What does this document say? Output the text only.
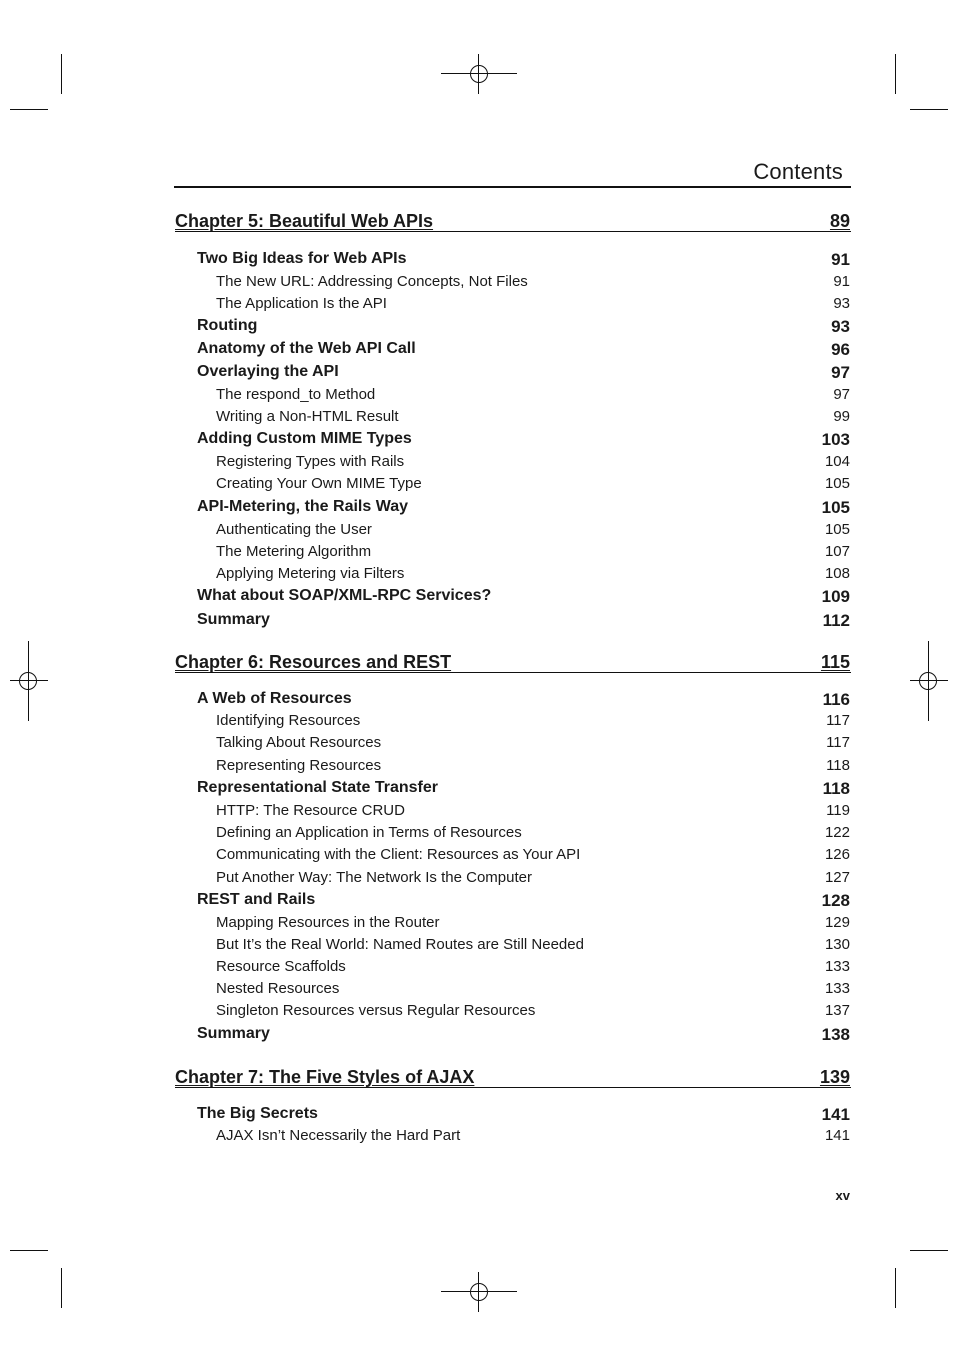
Contents
Chapter 5: Beautiful Web APIs	89
Two Big Ideas for Web APIs	91
The New URL: Addressing Concepts, Not Files	91
The Application Is the API	93
Routing	93
Anatomy of the Web API Call	96
Overlaying the API	97
The respond_to Method	97
Writing a Non-HTML Result	99
Adding Custom MIME Types	103
Registering Types with Rails	104
Creating Your Own MIME Type	105
API-Metering, the Rails Way	105
Authenticating the User	105
The Metering Algorithm	107
Applying Metering via Filters	108
What about SOAP/XML-RPC Services?	109
Summary	112
Chapter 6: Resources and REST	115
A Web of Resources	116
Identifying Resources	117
Talking About Resources	117
Representing Resources	118
Representational State Transfer	118
HTTP: The Resource CRUD	119
Defining an Application in Terms of Resources	122
Communicating with the Client: Resources as Your API	126
Put Another Way: The Network Is the Computer	127
REST and Rails	128
Mapping Resources in the Router	129
But It’s the Real World: Named Routes are Still Needed	130
Resource Scaffolds	133
Nested Resources	133
Singleton Resources versus Regular Resources	137
Summary	138
Chapter 7: The Five Styles of AJAX	139
The Big Secrets	141
AJAX Isn’t Necessarily the Hard Part	141
xv
